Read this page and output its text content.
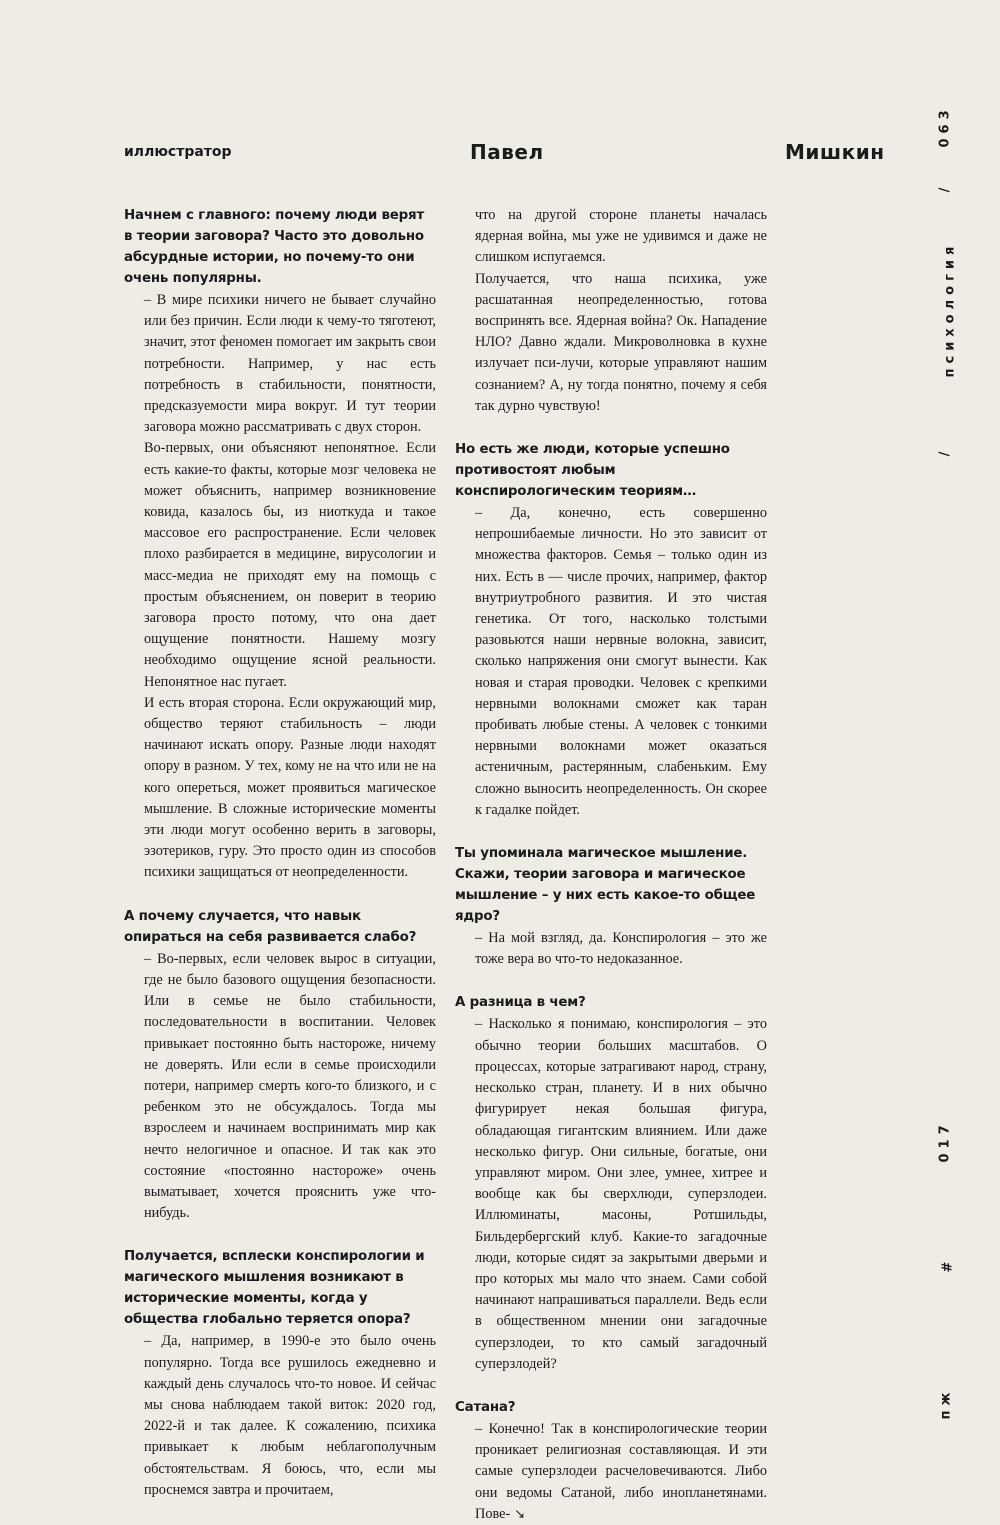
иллюстратор	Павел	Мишкин
063
/
психология
/
017
#
пж

Начнем с главного: почему люди верят в теории заговора? Часто это довольно абсурдные истории, но почему-то они очень популярны.

– В мире психики ничего не бывает случайно или без причин. Если люди к чему-то тяготеют, значит, этот феномен помогает им закрыть свои потребности. Например, у нас есть потребность в стабильности, понятности, предсказуемости мира вокруг. И тут теории заговора можно рассматривать с двух сторон.

Во-первых, они объясняют непонятное. Если есть какие-то факты, которые мозг человека не может объяснить, например возникновение ковида, казалось бы, из ниоткуда и такое массовое его распространение. Если человек плохо разбирается в медицине, вирусологии и масс-медиа не приходят ему на помощь с простым объяснением, он поверит в теорию заговора просто потому, что она дает ощущение понятности. Нашему мозгу необходимо ощущение ясной реальности. Непонятное нас пугает.

И есть вторая сторона. Если окружающий мир, общество теряют стабильность – люди начинают искать опору. Разные люди находят опору в разном. У тех, кому не на что или не на кого опереться, может проявиться магическое мышление. В сложные исторические моменты эти люди могут особенно верить в заговоры, эзотериков, гуру. Это просто один из способов психики защищаться от неопределенности.

А почему случается, что навык опираться на себя развивается слабо?

– Во-первых, если человек вырос в ситуации, где не было базового ощущения безопасности. Или в семье не было стабильности, последовательности в воспитании. Человек привыкает постоянно быть настороже, ничему не доверять. Или если в семье происходили потери, например смерть кого-то близкого, и с ребенком это не обсуждалось. Тогда мы взрослеем и начинаем воспринимать мир как нечто нелогичное и опасное. И так как это состояние «постоянно настороже» очень выматывает, хочется прояснить уже что-нибудь.

Получается, всплески конспирологии и магического мышления возникают в исторические моменты, когда у общества глобально теряется опора?

– Да, например, в 1990-е это было очень популярно. Тогда все рушилось ежедневно и каждый день случалось что-то новое. И сейчас мы снова наблюдаем такой виток: 2020 год, 2022-й и так далее. К сожалению, психика привыкает к любым неблагополучным обстоятельствам. Я боюсь, что, если мы проснемся завтра и прочитаем,

что на другой стороне планеты началась ядерная война, мы уже не удивимся и даже не слишком испугаемся.

Получается, что наша психика, уже расшатанная неопределенностью, готова воспринять все. Ядерная война? Ок. Нападение НЛО? Давно ждали. Микроволновка в кухне излучает пси-лучи, которые управляют нашим сознанием? А, ну тогда понятно, почему я себя так дурно чувствую!

Но есть же люди, которые успешно противостоят любым конспирологическим теориям…

– Да, конечно, есть совершенно непрошибаемые личности. Но это зависит от множества факторов. Семья – только один из них. Есть в — числе прочих, например, фактор внутриутробного развития. И это чистая генетика. От того, насколько толстыми разовьются наши нервные волокна, зависит, сколько напряжения они смогут вынести. Как новая и старая проводки. Человек с крепкими нервными волокнами сможет как таран пробивать любые стены. А человек с тонкими нервными волокнами может оказаться астеничным, растерянным, слабеньким. Ему сложно выносить неопределенность. Он скорее к гадалке пойдет.

Ты упоминала магическое мышление. Скажи, теории заговора и магическое мышление – у них есть какое-то общее ядро?

– На мой взгляд, да. Конспирология – это же тоже вера во что-то недоказанное.

А разница в чем?

– Насколько я понимаю, конспирология – это обычно теории больших масштабов. О процессах, которые затрагивают народ, страну, несколько стран, планету. И в них обычно фигурирует некая большая фигура, обладающая гигантским влиянием. Или даже несколько фигур. Они сильные, богатые, они управляют миром. Они злее, умнее, хитрее и вообще как бы сверхлюди, суперзлодеи. Иллюминаты, масоны, Ротшильды, Бильдербергский клуб. Какие-то загадочные люди, которые сидят за закрытыми дверьми и про которых мы мало что знаем. Сами собой начинают напрашиваться параллели. Ведь если в общественном мнении они загадочные суперзлодеи, то кто самый загадочный суперзлодей?

Сатана?

– Конечно! Так в конспирологические теории проникает религиозная составляющая. И эти самые суперзлодеи расчеловечиваются. Либо они ведомы Сатаной, либо инопланетянами. Пове- ↘
